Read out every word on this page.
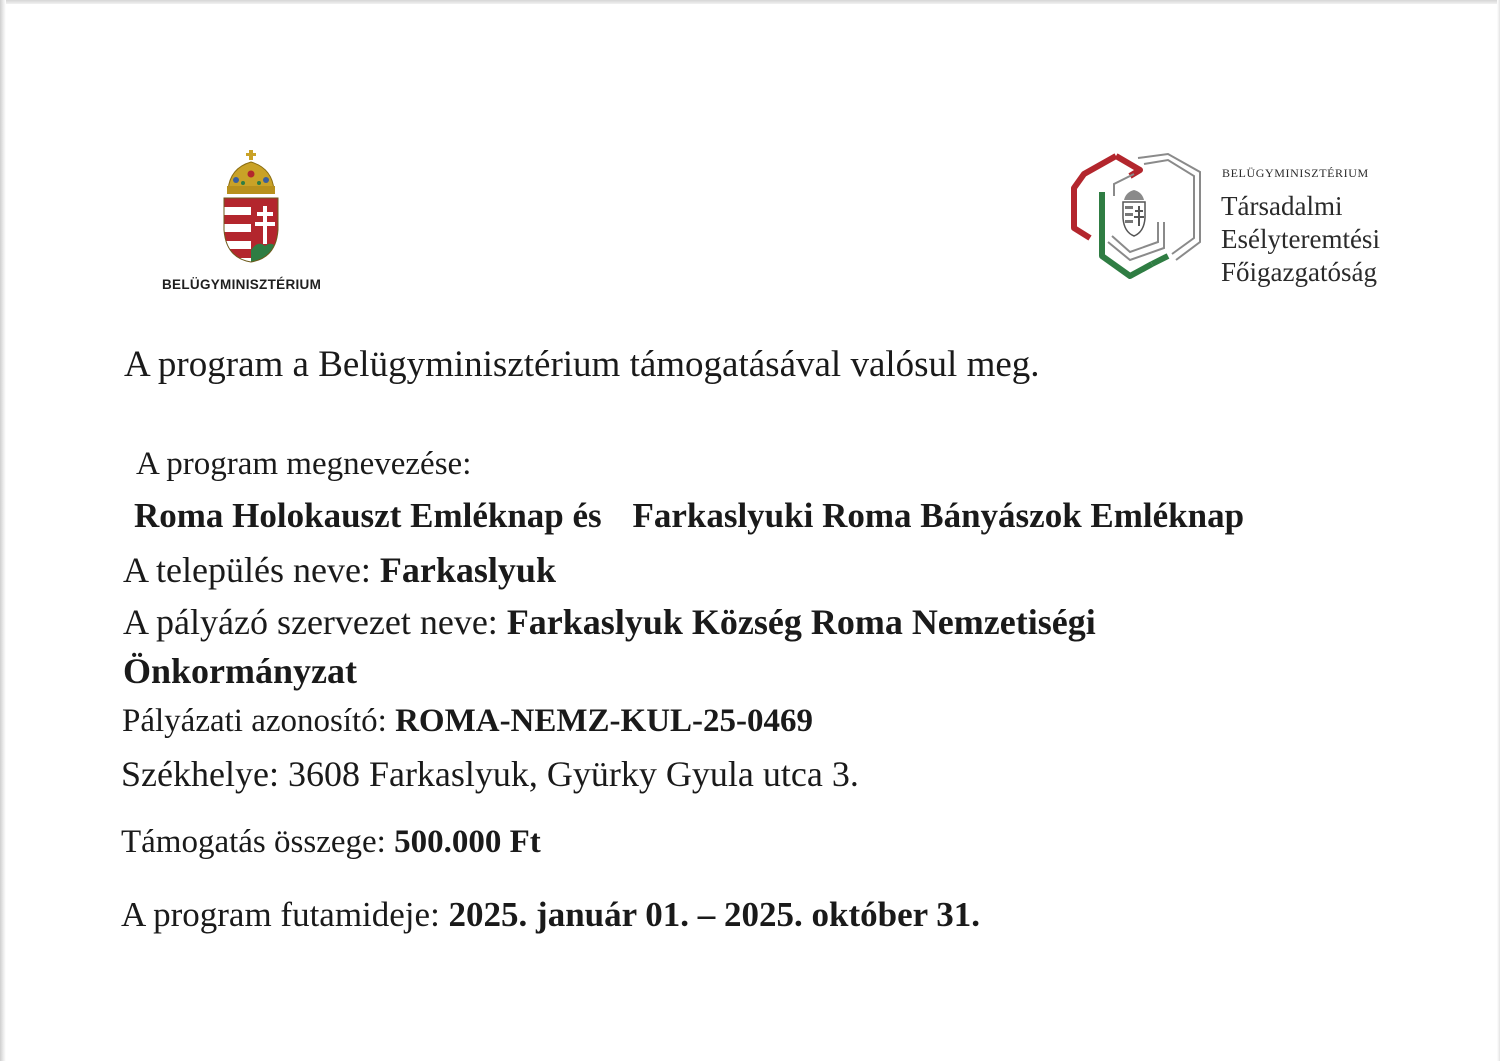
BELÜGYMINISZTÉRIUM
BELÜGYMINISZTÉRIUM
Társadalmi
Esélyteremtési
Főigazgatóság
A program a Belügyminisztérium támogatásával valósul meg.
A program megnevezése:
Roma Holokauszt Emléknap és Farkaslyuki Roma Bányászok Emléknap
A település neve: Farkaslyuk
A pályázó szervezet neve: Farkaslyuk Község Roma Nemzetiségi
Önkormányzat
Pályázati azonosító: ROMA-NEMZ-KUL-25-0469
Székhelye: 3608 Farkaslyuk, Gyürky Gyula utca 3.
Támogatás összege: 500.000 Ft
A program futamideje: 2025. január 01. – 2025. október 31.
